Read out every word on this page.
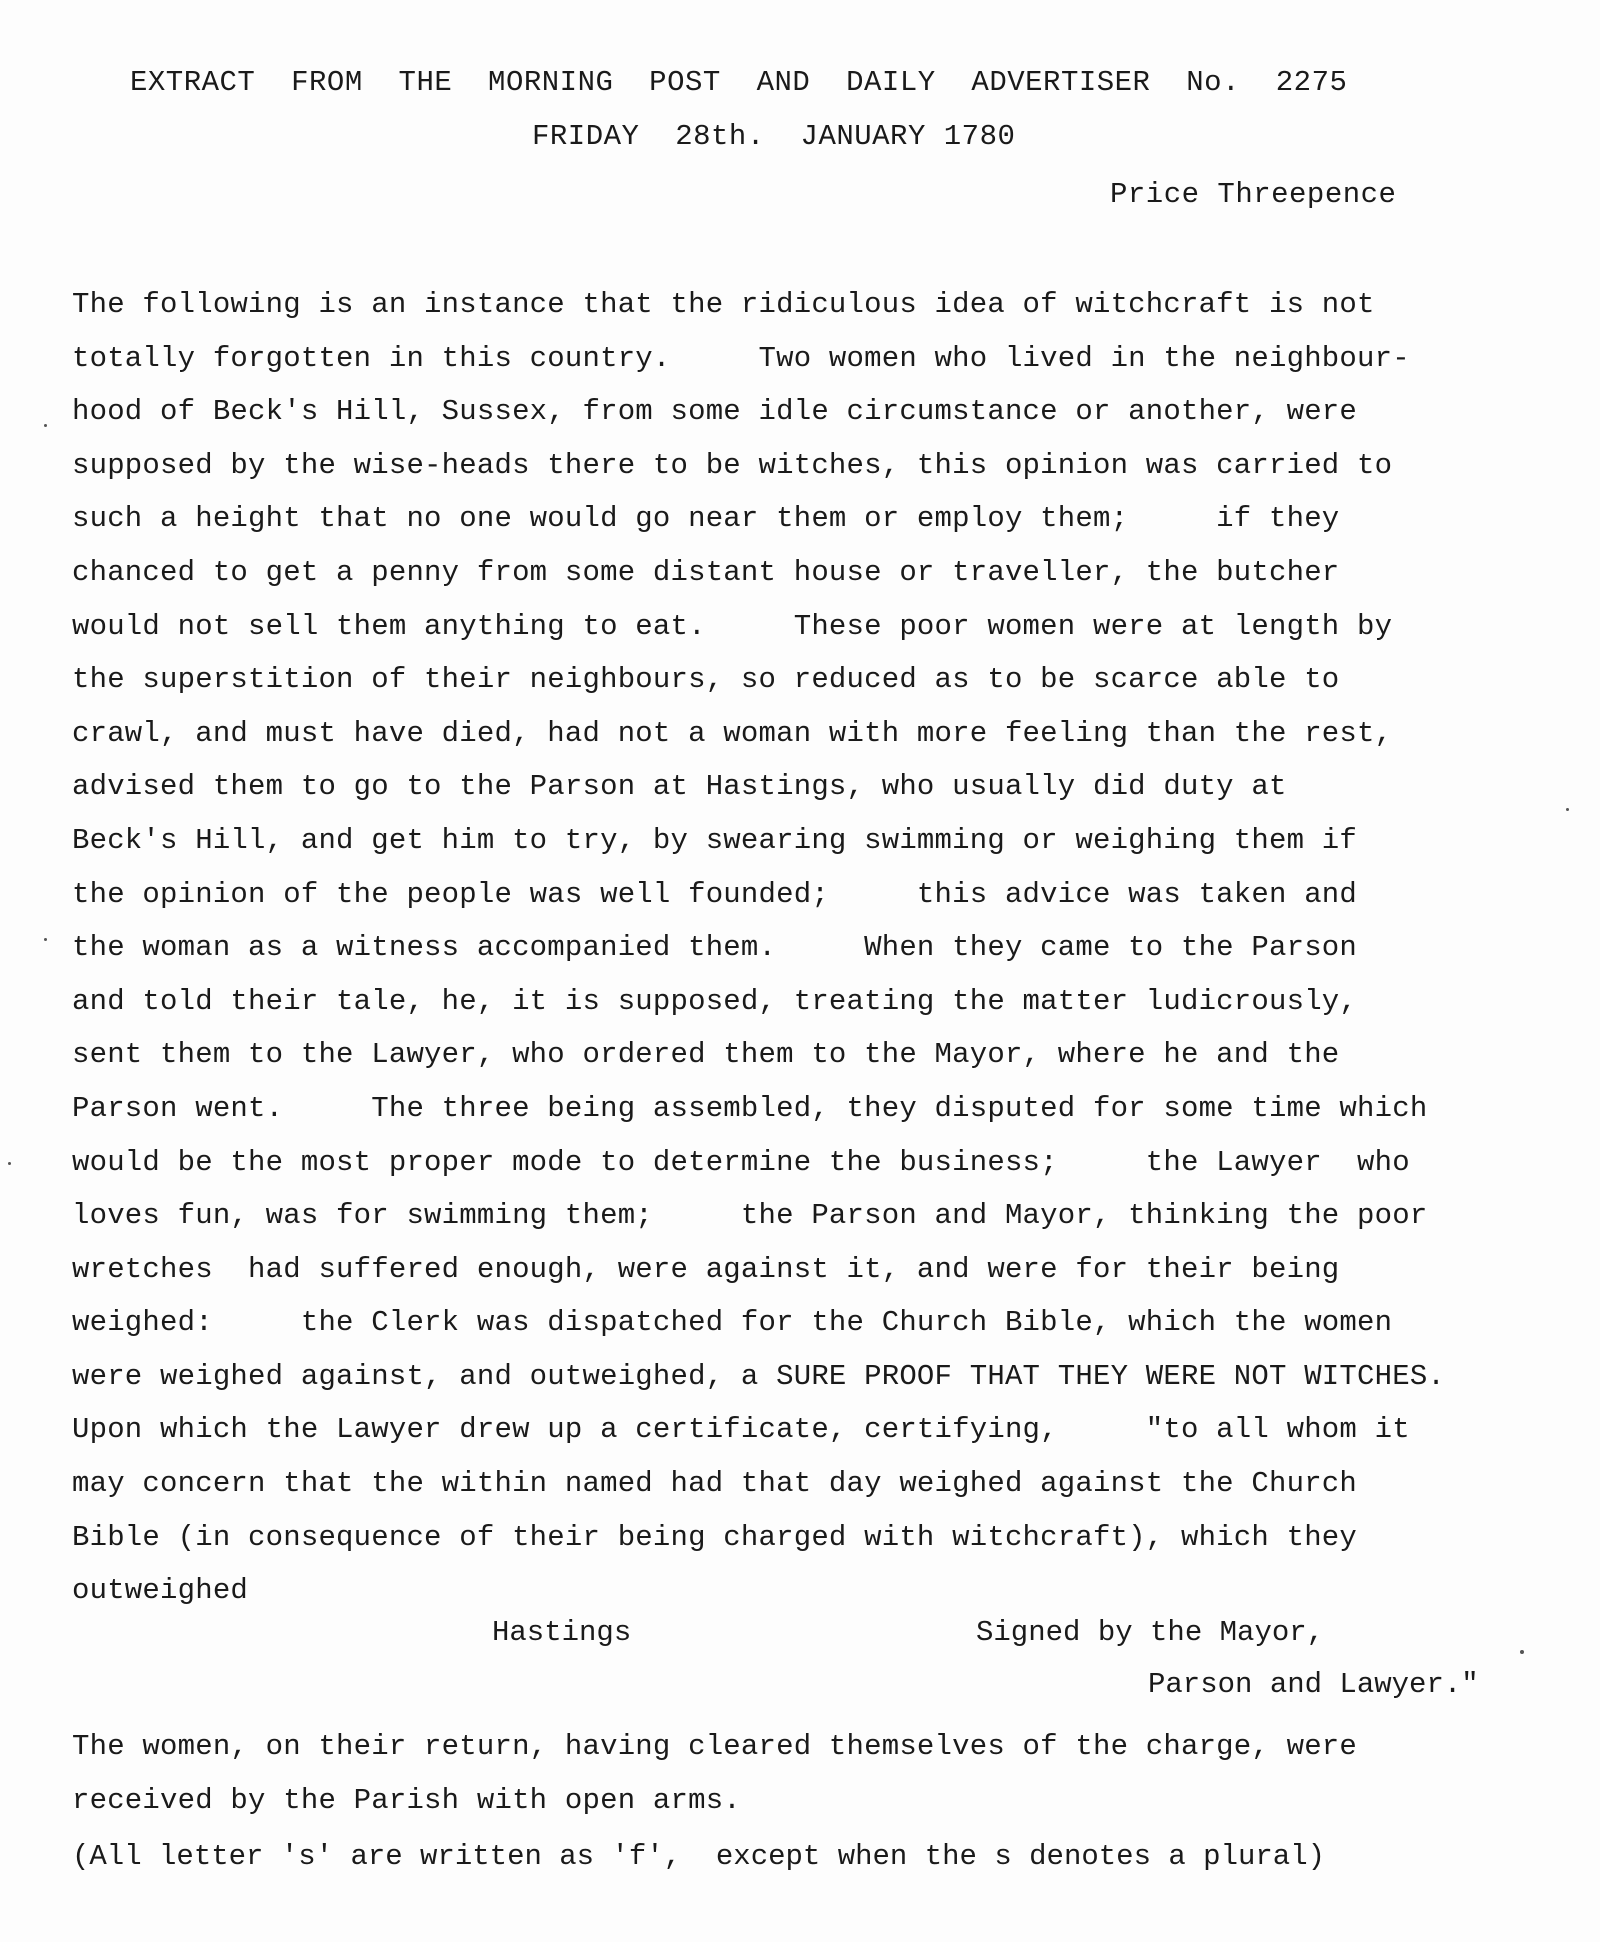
EXTRACT  FROM  THE  MORNING  POST  AND  DAILY  ADVERTISER  No.  2275
FRIDAY  28th.  JANUARY 1780
Price Threepence
The following is an instance that the ridiculous idea of witchcraft is not
totally forgotten in this country.     Two women who lived in the neighbour-
hood of Beck's Hill, Sussex, from some idle circumstance or another, were
supposed by the wise-heads there to be witches, this opinion was carried to
such a height that no one would go near them or employ them;     if they
chanced to get a penny from some distant house or traveller, the butcher
would not sell them anything to eat.     These poor women were at length by
the superstition of their neighbours, so reduced as to be scarce able to
crawl, and must have died, had not a woman with more feeling than the rest,
advised them to go to the Parson at Hastings, who usually did duty at
Beck's Hill, and get him to try, by swearing swimming or weighing them if
the opinion of the people was well founded;     this advice was taken and
the woman as a witness accompanied them.     When they came to the Parson
and told their tale, he, it is supposed, treating the matter ludicrously,
sent them to the Lawyer, who ordered them to the Mayor, where he and the
Parson went.     The three being assembled, they disputed for some time which
would be the most proper mode to determine the business;     the Lawyer  who
loves fun, was for swimming them;     the Parson and Mayor, thinking the poor
wretches  had suffered enough, were against it, and were for their being
weighed:     the Clerk was dispatched for the Church Bible, which the women
were weighed against, and outweighed, a SURE PROOF THAT THEY WERE NOT WITCHES.
Upon which the Lawyer drew up a certificate, certifying,     "to all whom it
may concern that the within named had that day weighed against the Church
Bible (in consequence of their being charged with witchcraft), which they
outweighed
Hastings	Signed by the Mayor,
Parson and Lawyer."
The women, on their return, having cleared themselves of the charge, were
received by the Parish with open arms.
(All letter 's' are written as 'f',  except when the s denotes a plural)
